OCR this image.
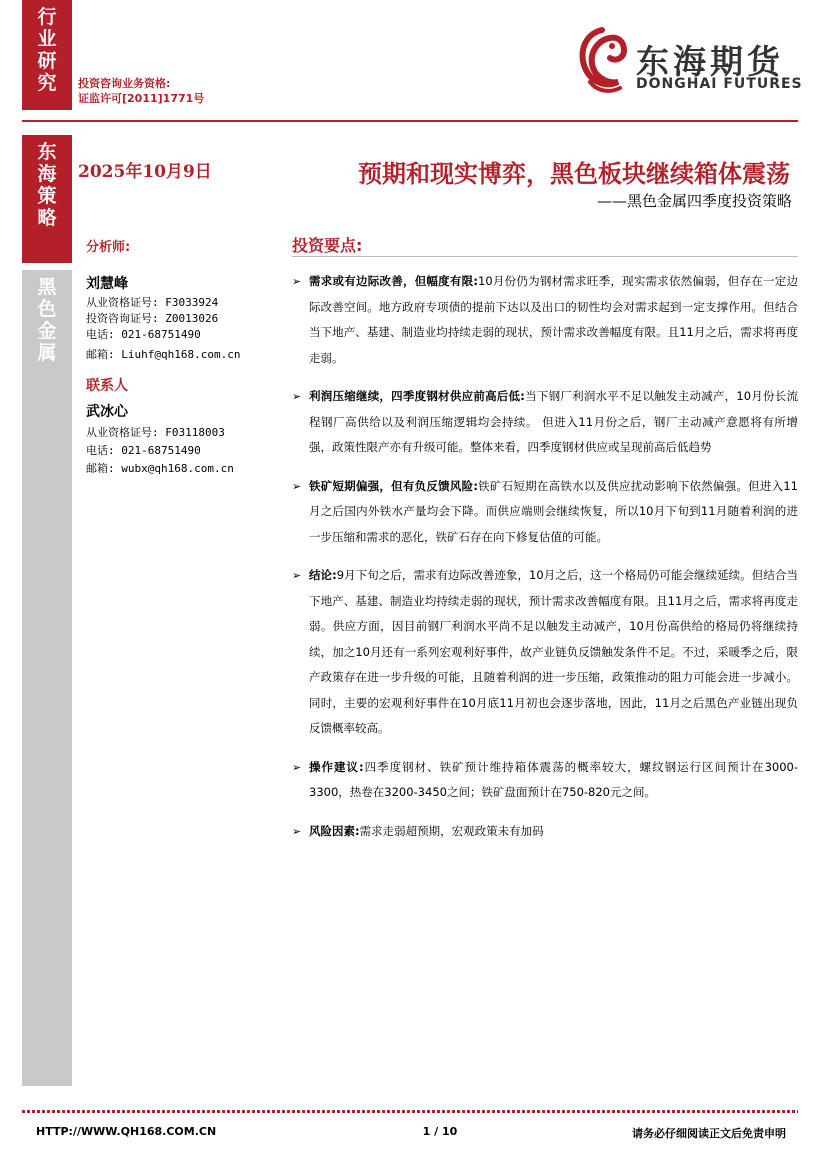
行业研究
东海策略
黑色金属
投资咨询业务资格:
证监许可[2011]1771号
东海期货
DONGHAI FUTURES
2025年10月9日	预期和现实博弈，黑色板块继续箱体震荡
——黑色金属四季度投资策略
分析师:
刘慧峰
从业资格证号: F3033924
投资咨询证号: Z0013026
电话: 021-68751490
邮箱: Liuhf@qh168.com.cn
联系人
武冰心
从业资格证号: F03118003
电话: 021-68751490
邮箱: wubx@qh168.com.cn
投资要点:
➢ 需求或有边际改善，但幅度有限:10月份仍为钢材需求旺季，现实需求依然偏弱，但存在一定边际改善空间。地方政府专项债的提前下达以及出口的韧性均会对需求起到一定支撑作用。但结合当下地产、基建、制造业均持续走弱的现状，预计需求改善幅度有限。且11月之后，需求将再度走弱。
➢ 利润压缩继续，四季度钢材供应前高后低:当下钢厂利润水平不足以触发主动减产，10月份长流程钢厂高供给以及利润压缩逻辑均会持续。 但进入11月份之后，钢厂主动减产意愿将有所增强，政策性限产亦有升级可能。整体来看，四季度钢材供应或呈现前高后低趋势
➢ 铁矿短期偏强，但有负反馈风险:铁矿石短期在高铁水以及供应扰动影响下依然偏强。但进入11月之后国内外铁水产量均会下降。而供应端则会继续恢复，所以10月下旬到11月随着利润的进一步压缩和需求的恶化，铁矿石存在向下修复估值的可能。
➢ 结论:9月下旬之后，需求有边际改善迹象，10月之后，这一个格局仍可能会继续延续。但结合当下地产、基建、制造业均持续走弱的现状，预计需求改善幅度有限。且11月之后，需求将再度走弱。供应方面，因目前钢厂利润水平尚不足以触发主动减产，10月份高供给的格局仍将继续持续，加之10月还有一系列宏观利好事件，故产业链负反馈触发条件不足。不过，采暖季之后，限产政策存在进一步升级的可能，且随着利润的进一步压缩，政策推动的阻力可能会进一步减小。同时，主要的宏观利好事件在10月底11月初也会逐步落地，因此，11月之后黑色产业链出现负反馈概率较高。
➢ 操作建议:四季度钢材、铁矿预计维持箱体震荡的概率较大，螺纹钢运行区间预计在3000-3300，热卷在3200-3450之间；铁矿盘面预计在750-820元之间。
➢ 风险因素:需求走弱超预期，宏观政策未有加码
HTTP://WWW.QH168.COM.CN	1 / 10	请务必仔细阅读正文后免责申明
